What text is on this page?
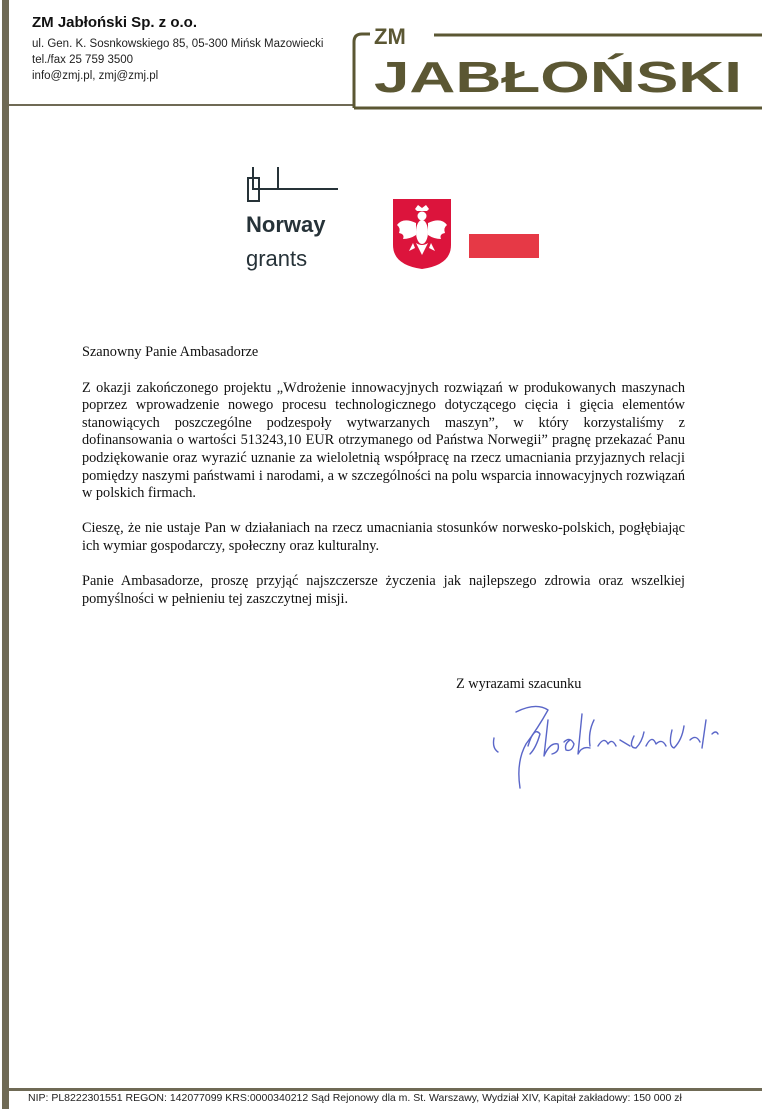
ZM Jabłoński Sp. z o.o.
ul. Gen. K. Sosnkowskiego 85, 05-300 Mińsk Mazowiecki
tel./fax 25 759 3500
info@zmj.pl, zmj@zmj.pl
ZM
JABŁOŃSKI
Norway
grants

Szanowny Panie Ambasadorze

Z okazji zakończonego projektu „Wdrożenie innowacyjnych rozwiązań w produkowanych maszynach poprzez wprowadzenie nowego procesu technologicznego dotyczącego cięcia i gięcia elementów stanowiących poszczególne podzespoły wytwarzanych maszyn”, w który korzystaliśmy z dofinansowania o wartości 513243,10 EUR otrzymanego od Państwa Norwegii” pragnę przekazać Panu podziękowanie oraz wyrazić uznanie za wieloletnią współpracę na rzecz umacniania przyjaznych relacji pomiędzy naszymi państwami i narodami, a w szczególności na polu wsparcia innowacyjnych rozwiązań w polskich firmach.

Cieszę, że nie ustaje Pan w działaniach na rzecz umacniania stosunków norwesko-polskich, pogłębiając ich wymiar gospodarczy, społeczny oraz kulturalny.

Panie Ambasadorze, proszę przyjąć najszczersze życzenia jak najlepszego zdrowia oraz wszelkiej pomyślności w pełnieniu tej zaszczytnej misji.

Z wyrazami szacunku
NIP: PL8222301551 REGON: 142077099 KRS:0000340212 Sąd Rejonowy dla m. St. Warszawy, Wydział XIV, Kapitał zakładowy: 150 000 zł
